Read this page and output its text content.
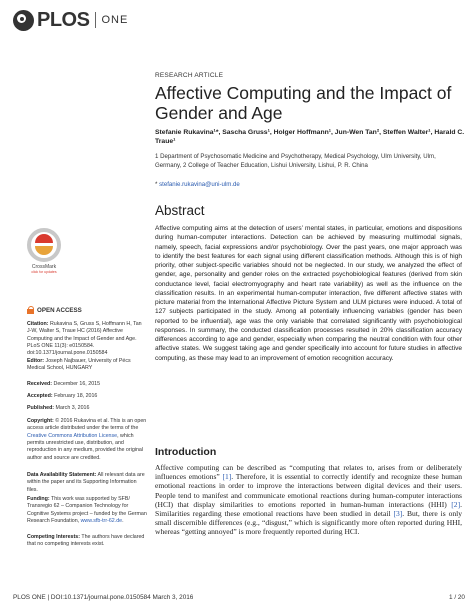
PLOS ONE
RESEARCH ARTICLE
Affective Computing and the Impact of Gender and Age
Stefanie Rukavina¹*, Sascha Gruss¹, Holger Hoffmann¹, Jun-Wen Tan², Steffen Walter¹, Harald C. Traue¹
1 Department of Psychosomatic Medicine and Psychotherapy, Medical Psychology, Ulm University, Ulm, Germany, 2 College of Teacher Education, Lishui University, Lishui, P. R. China
* stefanie.rukavina@uni-ulm.de
Abstract

Affective computing aims at the detection of users’ mental states, in particular, emotions and dispositions during human-computer interactions. Detection can be achieved by measuring multimodal signals, namely, speech, facial expressions and/or psychobiology. Over the past years, one major approach was to identify the best features for each signal using different classification methods. Although this is of high priority, other subject-specific variables should not be neglected. In our study, we analyzed the effect of gender, age, personality and gender roles on the extracted psychobiological features (derived from skin conductance level, facial electromyography and heart rate variability) as well as the influence on the classification results. In an experimental human-computer interaction, five different affective states with picture material from the International Affective Picture System and ULM pictures were induced. A total of 127 subjects participated in the study. Among all potentially influencing variables (gender has been reported to be influential), age was the only variable that correlated significantly with psychobiological responses. In summary, the conducted classification processes resulted in 20% classification accuracy differences according to age and gender, especially when comparing the neutral condition with four other affective states. We suggest taking age and gender specifically into account for future studies in affective computing, as these may lead to an improvement of emotion recognition accuracy.

Introduction

Affective computing can be described as “computing that relates to, arises from or deliberately influences emotions” [1]. Therefore, it is essential to correctly identify and recognize these human emotional reactions in order to improve the interactions between digital devices and their users. People tend to manifest and communicate emotional reactions during human-computer interactions (HCI) that display similarities to emotions reported in human-human interactions (HHI) [2]. Similarities regarding these emotional reactions have been studied in detail [3]. But, there is only small discernible differences (e.g., “disgust,” which is significantly more often reported during HHI, whereas “getting annoyed” is more frequently reported during HCI.

CrossMark
click for updates
OPEN ACCESS
Citation: Rukavina S, Gruss S, Hoffmann H, Tan J-W, Walter S, Traue HC (2016) Affective Computing and the Impact of Gender and Age. PLoS ONE 11(3): e0150584. doi:10.1371/journal.pone.0150584
Editor: Joseph Najbauer, University of Pécs Medical School, HUNGARY
Received: December 16, 2015
Accepted: February 18, 2016
Published: March 3, 2016
Copyright: © 2016 Rukavina et al. This is an open access article distributed under the terms of the Creative Commons Attribution License, which permits unrestricted use, distribution, and reproduction in any medium, provided the original author and source are credited.
Data Availability Statement: All relevant data are within the paper and its Supporting Information files.
Funding: This work was supported by SFB/ Transregio 62 – Companion Technology for Cognitive Systems project – funded by the German Research Foundation, www.sfb-trr-62.de.
Competing Interests: The authors have declared that no competing interests exist.
PLOS ONE | DOI:10.1371/journal.pone.0150584 March 3, 2016	1 / 20
